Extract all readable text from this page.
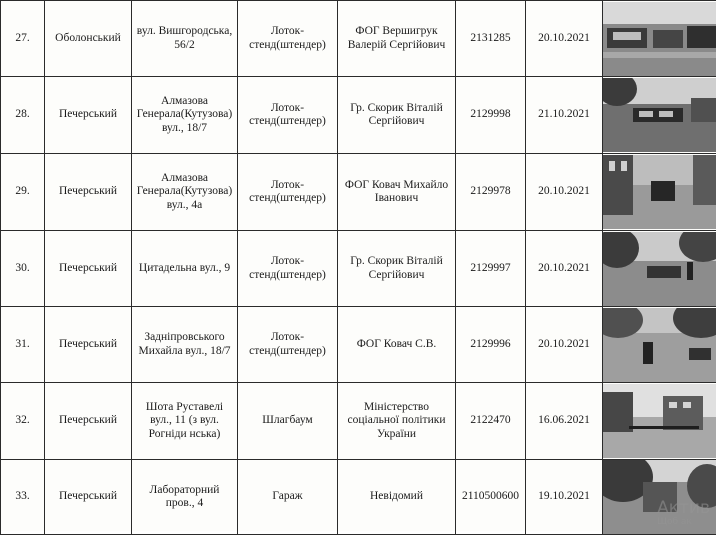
27.	Оболонський	вул. Вишгородська, 56/2	Лоток-стенд(штендер)	ФОГ Вершигрук Валерій Сергійович	2131285	20.10.2021	

28.	Печерський	Алмазова Генерала(Кутузова) вул., 18/7	Лоток-стенд(штендер)	Гр. Скорик Віталій Сергійович	2129998	21.10.2021	

29.	Печерський	Алмазова Генерала(Кутузова) вул., 4а	Лоток-стенд(штендер)	ФОГ Ковач Михайло Іванович	2129978	20.10.2021	

30.	Печерський	Цитадельна вул., 9	Лоток-стенд(штендер)	Гр. Скорик Віталій Сергійович	2129997	20.10.2021	

31.	Печерський	Задніпровського Михайла вул., 18/7	Лоток-стенд(штендер)	ФОГ Ковач С.В.	2129996	20.10.2021	

32.	Печерський	Шота Руставелі вул., 11 (з вул. Рогніди нська)	Шлагбаум	Міністерство соціальної політики України	2122470	16.06.2021	

33.	Печерський	Лабораторний пров., 4	Гараж	Невідомий	2110500600	19.10.2021	
Актив
Щоб ак
